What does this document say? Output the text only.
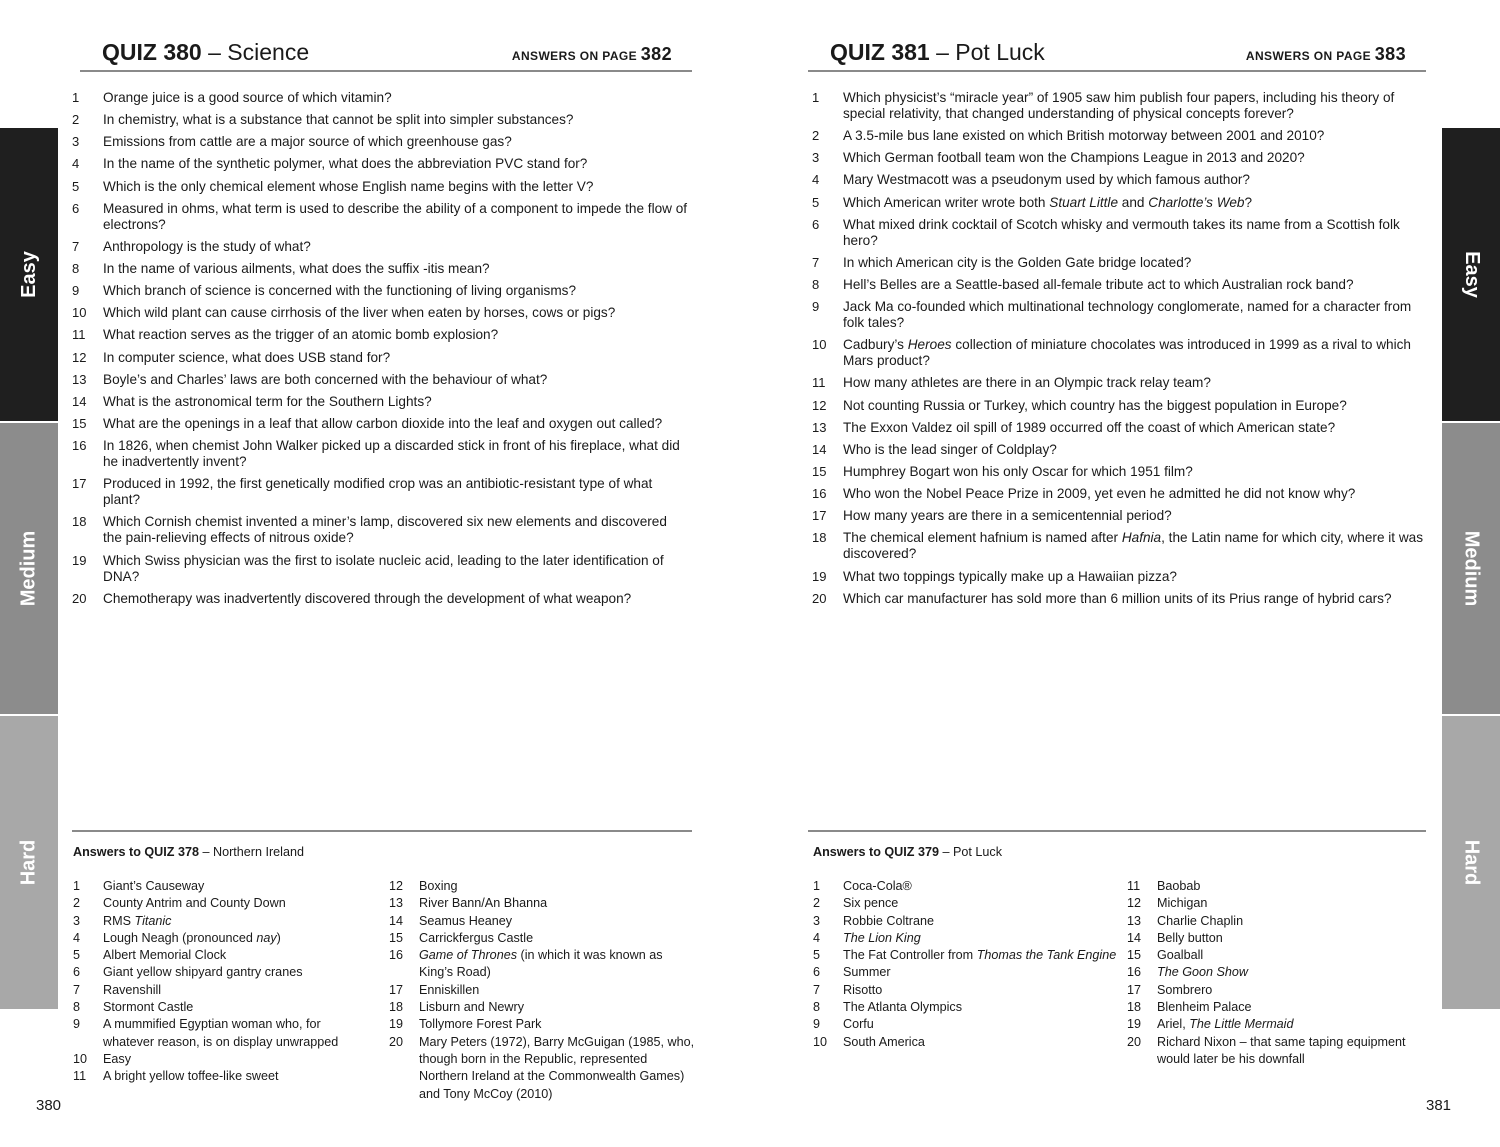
Easy
Medium
Hard
QUIZ 380 – Science	ANSWERS ON PAGE 382
1	Orange juice is a good source of which vitamin?
2	In chemistry, what is a substance that cannot be split into simpler substances?
3	Emissions from cattle are a major source of which greenhouse gas?
4	In the name of the synthetic polymer, what does the abbreviation PVC stand for?
5	Which is the only chemical element whose English name begins with the letter V?
6	Measured in ohms, what term is used to describe the ability of a component to impede the flow of electrons?
7	Anthropology is the study of what?
8	In the name of various ailments, what does the suffix -itis mean?
9	Which branch of science is concerned with the functioning of living organisms?
10	Which wild plant can cause cirrhosis of the liver when eaten by horses, cows or pigs?
11	What reaction serves as the trigger of an atomic bomb explosion?
12	In computer science, what does USB stand for?
13	Boyle’s and Charles’ laws are both concerned with the behaviour of what?
14	What is the astronomical term for the Southern Lights?
15	What are the openings in a leaf that allow carbon dioxide into the leaf and oxygen out called?
16	In 1826, when chemist John Walker picked up a discarded stick in front of his fireplace, what did he inadvertently invent?
17	Produced in 1992, the first genetically modified crop was an antibiotic-resistant type of what plant?
18	Which Cornish chemist invented a miner’s lamp, discovered six new elements and discovered the pain-relieving effects of nitrous oxide?
19	Which Swiss physician was the first to isolate nucleic acid, leading to the later identification of DNA?
20	Chemotherapy was inadvertently discovered through the development of what weapon?
Answers to QUIZ 378 – Northern Ireland
1	Giant’s Causeway
2	County Antrim and County Down
3	RMS Titanic
4	Lough Neagh (pronounced nay)
5	Albert Memorial Clock
6	Giant yellow shipyard gantry cranes
7	Ravenshill
8	Stormont Castle
9	A mummified Egyptian woman who, for whatever reason, is on display unwrapped
10	Easy
11	A bright yellow toffee-like sweet
12	Boxing
13	River Bann/An Bhanna
14	Seamus Heaney
15	Carrickfergus Castle
16	Game of Thrones (in which it was known as King’s Road)
17	Enniskillen
18	Lisburn and Newry
19	Tollymore Forest Park
20	Mary Peters (1972), Barry McGuigan (1985, who, though born in the Republic, represented Northern Ireland at the Commonwealth Games) and Tony McCoy (2010)
380
Easy
Medium
Hard
QUIZ 381 – Pot Luck	ANSWERS ON PAGE 383
1	Which physicist’s “miracle year” of 1905 saw him publish four papers, including his theory of special relativity, that changed understanding of physical concepts forever?
2	A 3.5-mile bus lane existed on which British motorway between 2001 and 2010?
3	Which German football team won the Champions League in 2013 and 2020?
4	Mary Westmacott was a pseudonym used by which famous author?
5	Which American writer wrote both Stuart Little and Charlotte’s Web?
6	What mixed drink cocktail of Scotch whisky and vermouth takes its name from a Scottish folk hero?
7	In which American city is the Golden Gate bridge located?
8	Hell’s Belles are a Seattle-based all-female tribute act to which Australian rock band?
9	Jack Ma co-founded which multinational technology conglomerate, named for a character from folk tales?
10	Cadbury’s Heroes collection of miniature chocolates was introduced in 1999 as a rival to which Mars product?
11	How many athletes are there in an Olympic track relay team?
12	Not counting Russia or Turkey, which country has the biggest population in Europe?
13	The Exxon Valdez oil spill of 1989 occurred off the coast of which American state?
14	Who is the lead singer of Coldplay?
15	Humphrey Bogart won his only Oscar for which 1951 film?
16	Who won the Nobel Peace Prize in 2009, yet even he admitted he did not know why?
17	How many years are there in a semicentennial period?
18	The chemical element hafnium is named after Hafnia, the Latin name for which city, where it was discovered?
19	What two toppings typically make up a Hawaiian pizza?
20	Which car manufacturer has sold more than 6 million units of its Prius range of hybrid cars?
Answers to QUIZ 379 – Pot Luck
1	Coca-Cola®
2	Six pence
3	Robbie Coltrane
4	The Lion King
5	The Fat Controller from Thomas the Tank Engine
6	Summer
7	Risotto
8	The Atlanta Olympics
9	Corfu
10	South America
11	Baobab
12	Michigan
13	Charlie Chaplin
14	Belly button
15	Goalball
16	The Goon Show
17	Sombrero
18	Blenheim Palace
19	Ariel, The Little Mermaid
20	Richard Nixon – that same taping equipment would later be his downfall
381
